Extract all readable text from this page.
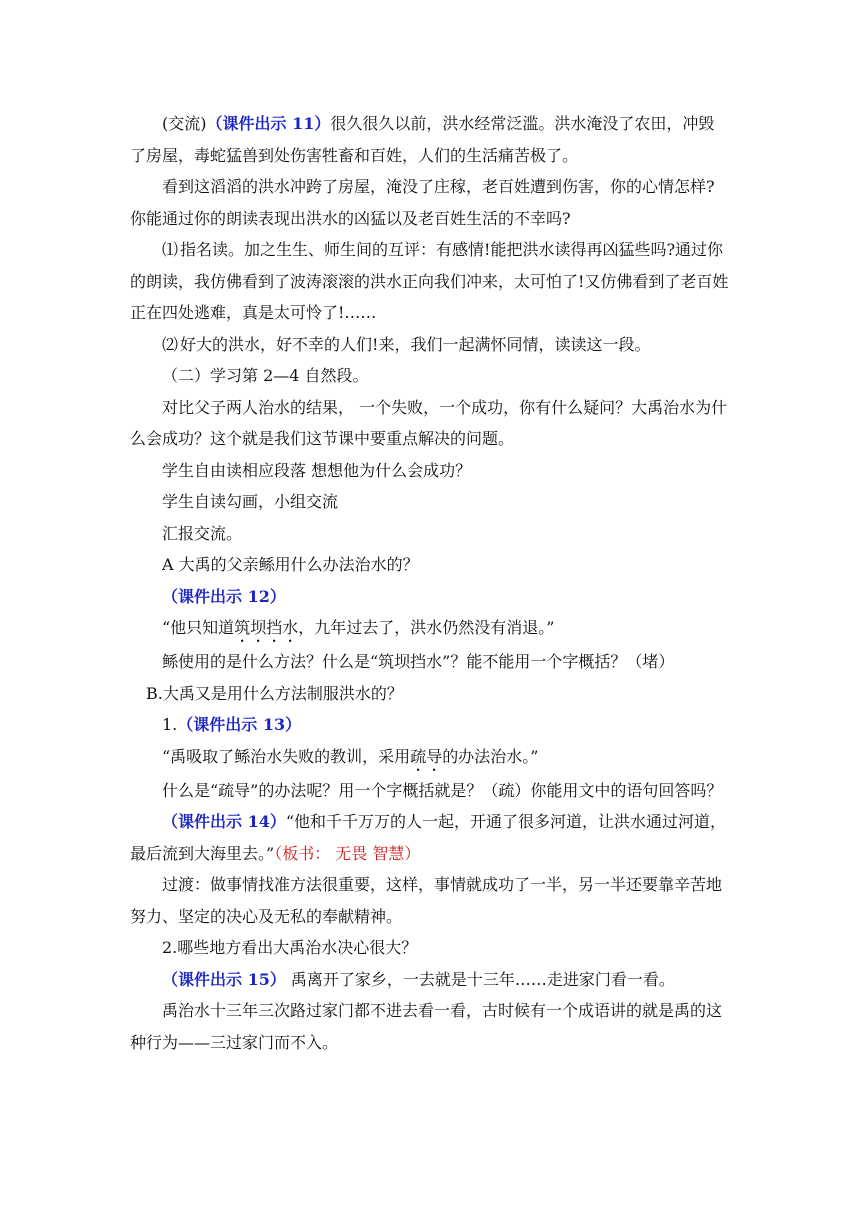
(交流)（课件出示 11）很久很久以前，洪水经常泛滥。洪水淹没了农田，冲毁了房屋，毒蛇猛兽到处伤害牲畜和百姓，人们的生活痛苦极了。

看到这滔滔的洪水冲跨了房屋，淹没了庄稼，老百姓遭到伤害，你的心情怎样?你能通过你的朗读表现出洪水的凶猛以及老百姓生活的不幸吗?

⑴ 指名读。加之生生、师生间的互评：有感情!能把洪水读得再凶猛些吗?通过你的朗读，我仿佛看到了波涛滚滚的洪水正向我们冲来，太可怕了!又仿佛看到了老百姓正在四处逃难，真是太可怜了!……

⑵ 好大的洪水，好不幸的人们!来，我们一起满怀同情，读读这一段。

（二）学习第 2—4 自然段。

对比父子两人治水的结果， 一个失败，一个成功，你有什么疑问？大禹治水为什么会成功？这个就是我们这节课中要重点解决的问题。

学生自由读相应段落 想想他为什么会成功？

学生自读勾画，小组交流

汇报交流。

A 大禹的父亲鲧用什么办法治水的？

（课件出示 12）

“他只知道筑坝挡水，九年过去了，洪水仍然没有消退。”

鲧使用的是什么方法？什么是“筑坝挡水”？能不能用一个字概括？（堵）

B.大禹又是用什么方法制服洪水的？

1.（课件出示 13）

“禹吸取了鲧治水失败的教训，采用疏导的办法治水。”

什么是“疏导”的办法呢？用一个字概括就是？（疏）你能用文中的语句回答吗？

（课件出示 14）“他和千千万万的人一起，开通了很多河道，让洪水通过河道，最后流到大海里去。”（板书： 无畏 智慧）

过渡：做事情找准方法很重要，这样，事情就成功了一半，另一半还要靠辛苦地努力、坚定的决心及无私的奉献精神。

2.哪些地方看出大禹治水决心很大？

（课件出示 15） 禹离开了家乡，一去就是十三年……走进家门看一看。

禹治水十三年三次路过家门都不进去看一看，古时候有一个成语讲的就是禹的这种行为——三过家门而不入。
